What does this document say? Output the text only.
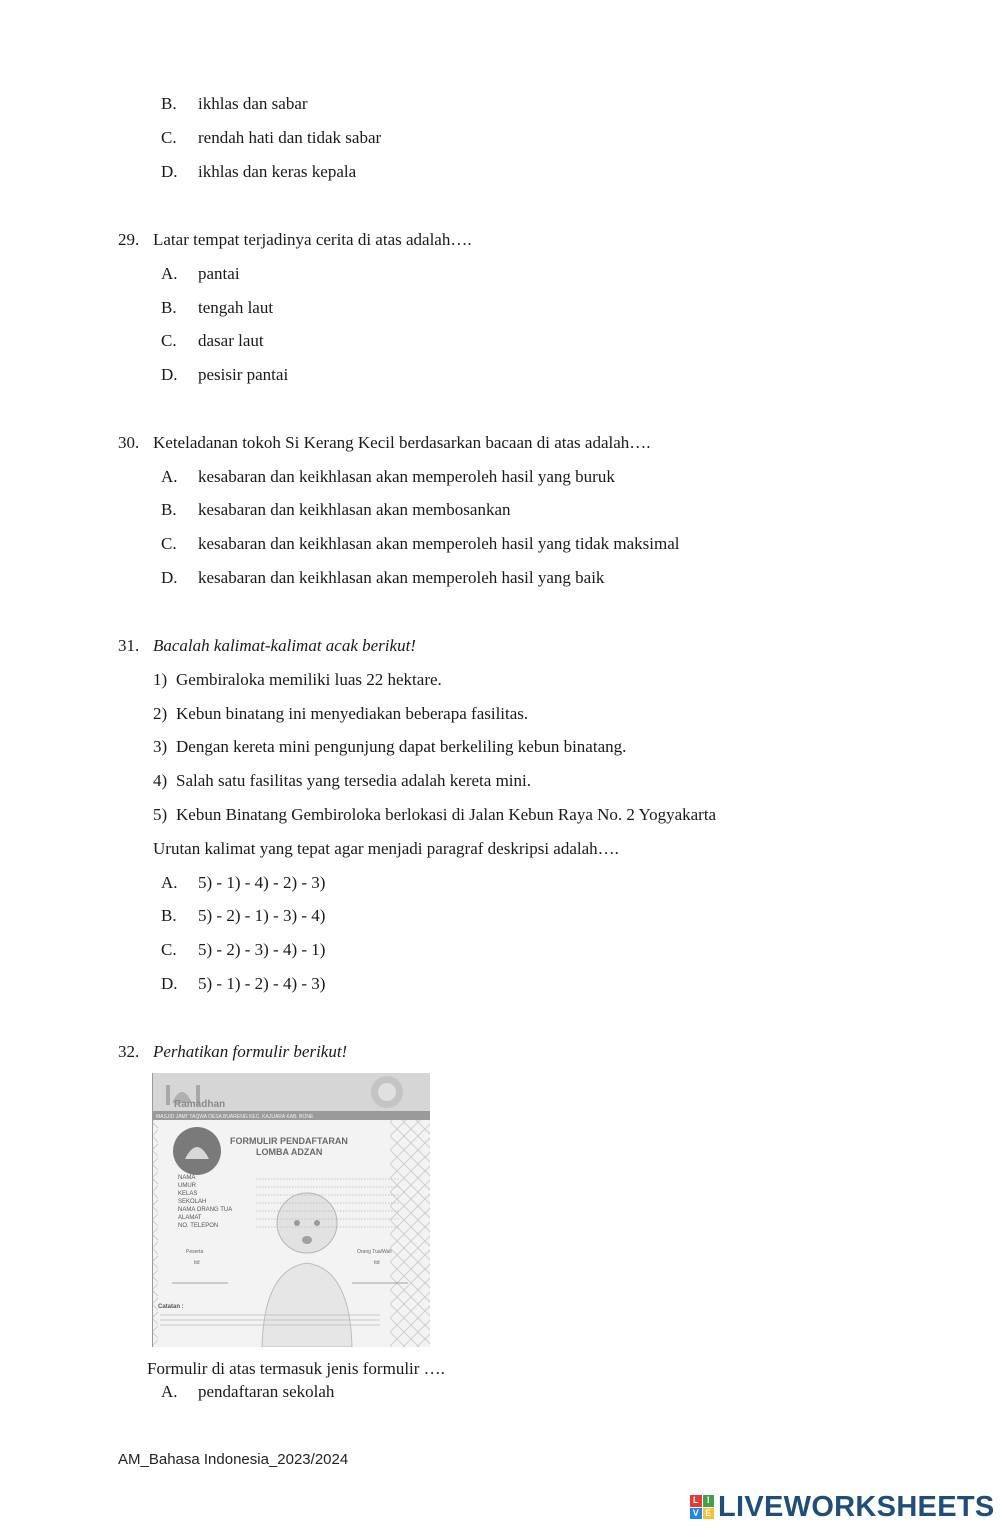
B. ikhlas dan sabar
C. rendah hati dan tidak sabar
D. ikhlas dan keras kepala
29. Latar tempat terjadinya cerita di atas adalah….
A. pantai
B. tengah laut
C. dasar laut
D. pesisir pantai
30. Keteladanan tokoh Si Kerang Kecil berdasarkan bacaan di atas adalah….
A. kesabaran dan keikhlasan akan memperoleh hasil yang buruk
B. kesabaran dan keikhlasan akan membosankan
C. kesabaran dan keikhlasan akan memperoleh hasil yang tidak maksimal
D. kesabaran dan keikhlasan akan memperoleh hasil yang baik
31. Bacalah kalimat-kalimat acak berikut!
1) Gembiraloka memiliki luas 22 hektare.
2) Kebun binatang ini menyediakan beberapa fasilitas.
3) Dengan kereta mini pengunjung dapat berkeliling kebun binatang.
4) Salah satu fasilitas yang tersedia adalah kereta mini.
5) Kebun Binatang Gembiroloka berlokasi di Jalan Kebun Raya No. 2 Yogyakarta
Urutan kalimat yang tepat agar menjadi paragraf deskripsi adalah….
A. 5) - 1) - 4) - 2) - 3)
B. 5) - 2) - 1) - 3) - 4)
C. 5) - 2) - 3) - 4) - 1)
D. 5) - 1) - 2) - 4) - 3)
32. Perhatikan formulir berikut!
Ramadhan
MASJID JAMI' TAQWA DESA BUARENG KEC. KAJUARA KAB. BONE
FORMULIR PENDAFTARAN
LOMBA ADZAN
NAMA
UMUR
KELAS
SEKOLAH
NAMA ORANG TUA
ALAMAT
NO. TELEPON
Peserta
ttd
Orang Tua/Wali
ttd
Catatan :
Formulir di atas termasuk jenis formulir ….
A. pendaftaran sekolah
AM_Bahasa Indonesia_2023/2024
L I
V E LIVEWORKSHEETS
